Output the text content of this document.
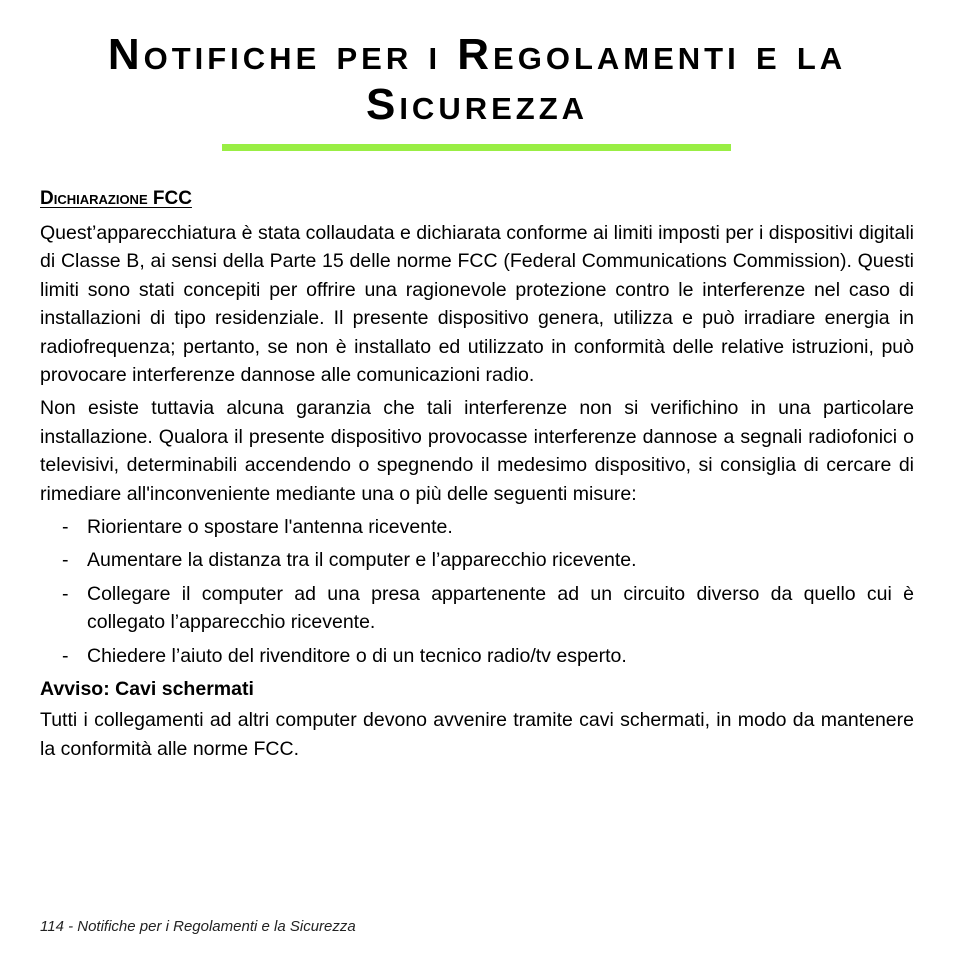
Notifiche per i Regolamenti e la Sicurezza
Dichiarazione FCC

Quest’apparecchiatura è stata collaudata e dichiarata conforme ai limiti imposti per i dispositivi digitali di Classe B, ai sensi della Parte 15 delle norme FCC (Federal Communications Commission). Questi limiti sono stati concepiti per offrire una ragionevole protezione contro le interferenze nel caso di installazioni di tipo residenziale. Il presente dispositivo genera, utilizza e può irradiare energia in radiofrequenza; pertanto, se non è installato ed utilizzato in conformità delle relative istruzioni, può provocare interferenze dannose alle comunicazioni radio.

Non esiste tuttavia alcuna garanzia che tali interferenze non si verifichino in una particolare installazione. Qualora il presente dispositivo provocasse interferenze dannose a segnali radiofonici o televisivi, determinabili accendendo o spegnendo il medesimo dispositivo, si consiglia di cercare di rimediare all'inconveniente mediante una o più delle seguenti misure:

- Riorientare o spostare l'antenna ricevente.
- Aumentare la distanza tra il computer e l’apparecchio ricevente.
- Collegare il computer ad una presa appartenente ad un circuito diverso da quello cui è collegato l’apparecchio ricevente.
- Chiedere l’aiuto del rivenditore o di un tecnico radio/tv esperto.
Avviso: Cavi schermati

Tutti i collegamenti ad altri computer devono avvenire tramite cavi schermati, in modo da mantenere la conformità alle norme FCC.

114 - Notifiche per i Regolamenti e la Sicurezza
